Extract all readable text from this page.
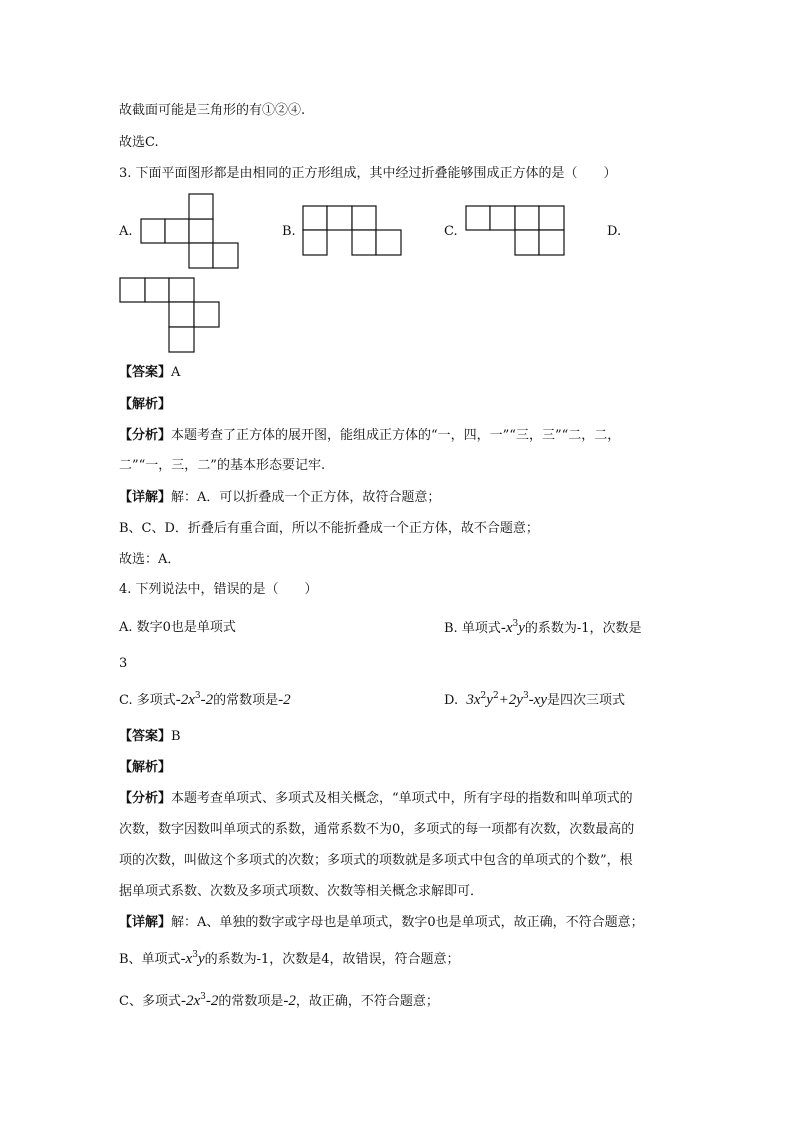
故截面可能是三角形的有①②④.
故选C.
3. 下面平面图形都是由相同的正方形组成，其中经过折叠能够围成正方体的是（　　）
A.	B.	C.	D.
【答案】A
【解析】
【分析】本题考查了正方体的展开图，能组成正方体的“一，四，一”“三，三”“二，二，
二”“一，三，二”的基本形态要记牢.
【详解】解：A．可以折叠成一个正方体，故符合题意；
B、C、D．折叠后有重合面，所以不能折叠成一个正方体，故不合题意；
故选：A．
4. 下列说法中，错误的是（　　）
A. 数字0也是单项式	B. 单项式$-x^3y$的系数为-1，次数是
3
C. 多项式$-2x^3-2$的常数项是-2	D. $3x^2y^2+2y^3-xy$是四次三项式
【答案】B
【解析】
【分析】本题考查单项式、多项式及相关概念，“单项式中，所有字母的指数和叫单项式的
次数，数字因数叫单项式的系数，通常系数不为0，多项式的每一项都有次数，次数最高的
项的次数，叫做这个多项式的次数；多项式的项数就是多项式中包含的单项式的个数”，根
据单项式系数、次数及多项式项数、次数等相关概念求解即可．
【详解】解：A、单独的数字或字母也是单项式，数字0也是单项式，故正确，不符合题意；
B、单项式$-x^3y$的系数为-1，次数是4，故错误，符合题意；
C、多项式$-2x^3-2$的常数项是-2，故正确，不符合题意；
